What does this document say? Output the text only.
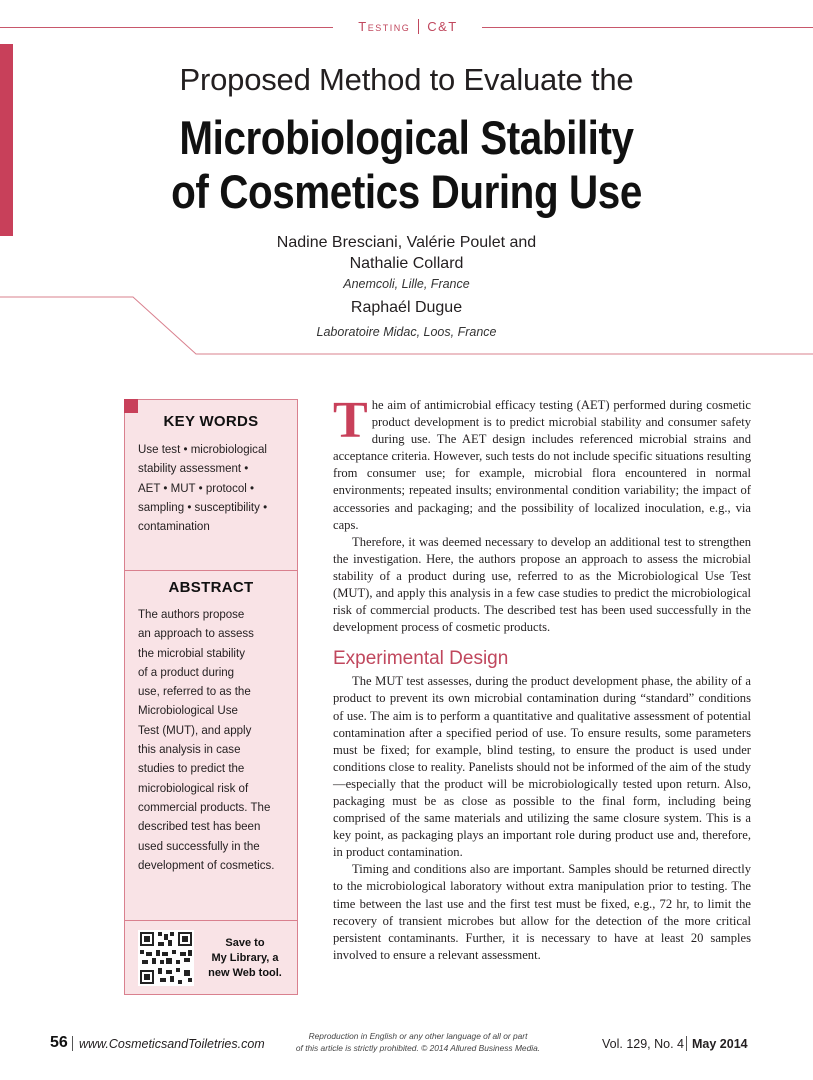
Testing C&T
Proposed Method to Evaluate the
Microbiological Stability
of Cosmetics During Use
Nadine Bresciani, Valérie Poulet and
Nathalie Collard
Anemcoli, Lille, France
Raphaél Dugue
Laboratoire Midac, Loos, France
KEY WORDS
Use test • microbiological
stability assessment •
AET • MUT • protocol •
sampling • susceptibility •
contamination
ABSTRACT
The authors propose
an approach to assess
the microbial stability
of a product during
use, referred to as the
Microbiological Use
Test (MUT), and apply
this analysis in case
studies to predict the
microbiological risk of
commercial products. The
described test has been
used successfully in the
development of cosmetics.
Save to
My Library, a
new Web tool.

The aim of antimicrobial efficacy testing (AET) performed during cosmetic product development is to predict microbial stability and consumer safety during use. The AET design includes referenced microbial strains and acceptance criteria. However, such tests do not include specific situations resulting from consumer use; for example, microbial flora encountered in normal environments; repeated insults; environmental condition variability; the impact of accessories and packaging; and the possibility of localized inoculation, e.g., via caps.

Therefore, it was deemed necessary to develop an additional test to strengthen the investigation. Here, the authors propose an approach to assess the microbial stability of a product during use, referred to as the Microbiological Use Test (MUT), and apply this analysis in a few case studies to predict the microbiological risk of commercial products. The described test has been used successfully in the development process of cosmetic products.

Experimental Design

The MUT test assesses, during the product development phase, the ability of a product to prevent its own microbial contamination during “standard” conditions of use. The aim is to perform a quantitative and qualitative assessment of potential contamination after a specified period of use. To ensure results, some parameters must be fixed; for example, blind testing, to ensure the product is used under conditions close to reality. Panelists should not be informed of the aim of the study—especially that the product will be microbiologically tested upon return. Also, packaging must be as close as possible to the final form, including being comprised of the same materials and utilizing the same closure system. This is a key point, as packaging plays an important role during product use and, therefore, in product contamination.

Timing and conditions also are important. Samples should be returned directly to the microbiological laboratory without extra manipulation prior to testing. The time between the last use and the first test must be fixed, e.g., 72 hr, to limit the recovery of transient microbes but allow for the detection of the more critical persistent contaminants. Further, it is necessary to have at least 20 samples involved to ensure a relevant assessment.

56 www.CosmeticsandToiletries.com
Reproduction in English or any other language of all or part
of this article is strictly prohibited. © 2014 Allured Business Media.	Vol. 129, No. 4 May 2014
